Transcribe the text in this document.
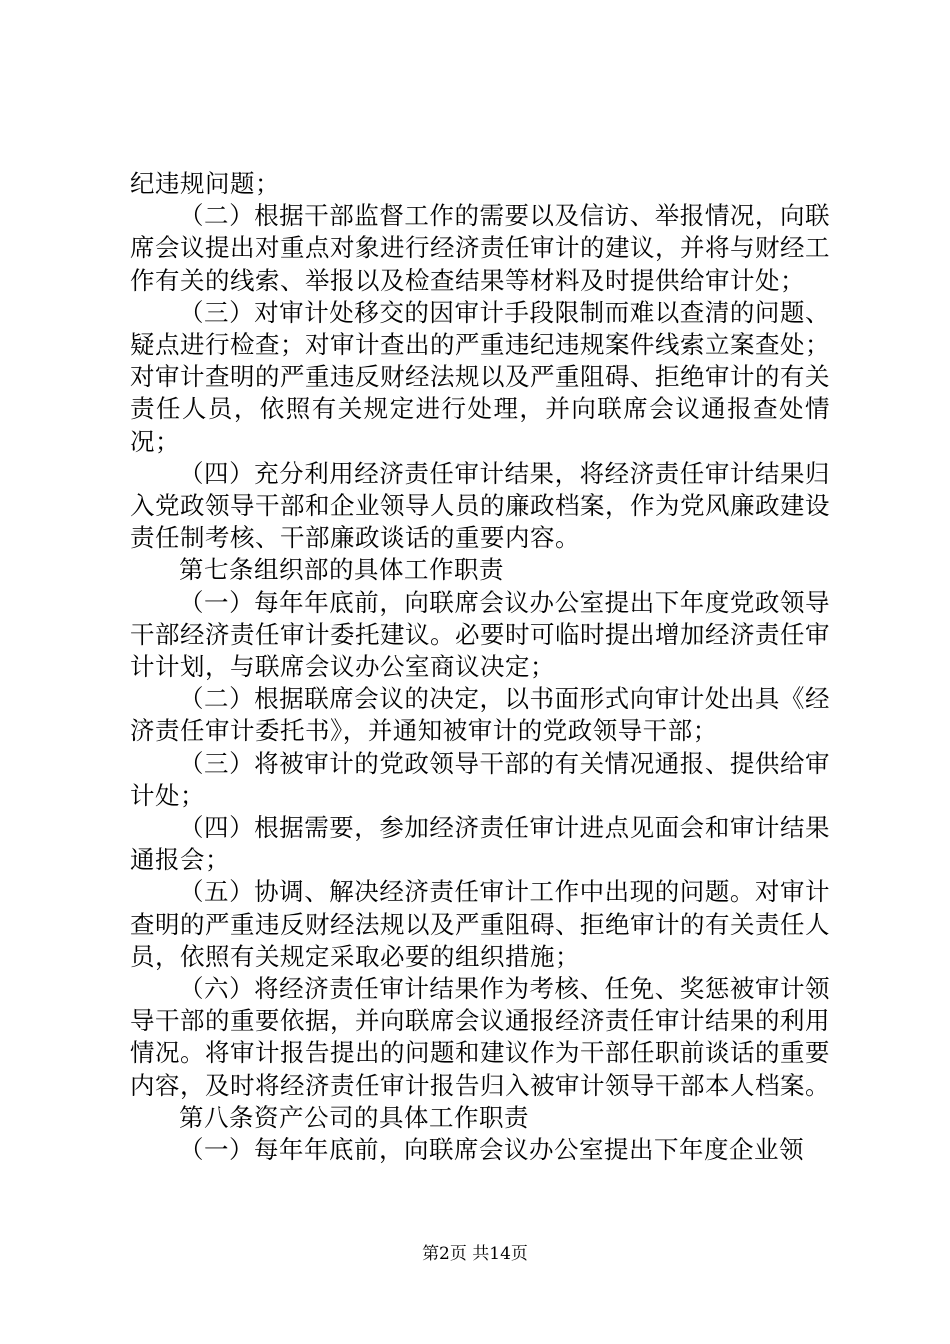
纪违规问题；

（二）根据干部监督工作的需要以及信访、举报情况，向联席会议提出对重点对象进行经济责任审计的建议，并将与财经工作有关的线索、举报以及检查结果等材料及时提供给审计处；

（三）对审计处移交的因审计手段限制而难以查清的问题、疑点进行检查；对审计查出的严重违纪违规案件线索立案查处；对审计查明的严重违反财经法规以及严重阻碍、拒绝审计的有关责任人员，依照有关规定进行处理，并向联席会议通报查处情况；

（四）充分利用经济责任审计结果，将经济责任审计结果归入党政领导干部和企业领导人员的廉政档案，作为党风廉政建设责任制考核、干部廉政谈话的重要内容。

第七条组织部的具体工作职责

（一）每年年底前，向联席会议办公室提出下年度党政领导干部经济责任审计委托建议。必要时可临时提出增加经济责任审计计划，与联席会议办公室商议决定；

（二）根据联席会议的决定，以书面形式向审计处出具《经济责任审计委托书》，并通知被审计的党政领导干部；

（三）将被审计的党政领导干部的有关情况通报、提供给审计处；

（四）根据需要，参加经济责任审计进点见面会和审计结果通报会；

（五）协调、解决经济责任审计工作中出现的问题。对审计查明的严重违反财经法规以及严重阻碍、拒绝审计的有关责任人员，依照有关规定采取必要的组织措施；

（六）将经济责任审计结果作为考核、任免、奖惩被审计领导干部的重要依据，并向联席会议通报经济责任审计结果的利用情况。将审计报告提出的问题和建议作为干部任职前谈话的重要内容，及时将经济责任审计报告归入被审计领导干部本人档案。

第八条资产公司的具体工作职责

（一）每年年底前，向联席会议办公室提出下年度企业领

第2页 共14页
